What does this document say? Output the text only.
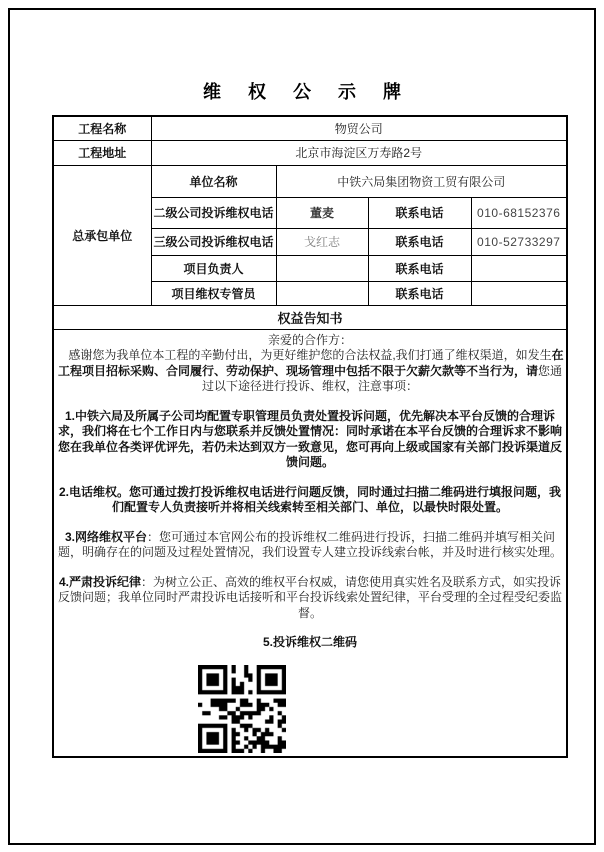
维 权 公 示 牌
工程名称	物贸公司			
工程地址	北京市海淀区万寿路2号			
总承包单位	单位名称	中铁六局集团物资工贸有限公司		
	二级公司投诉维权电话	董麦	联系电话	010-68152376
	三级公司投诉维权电话	戈红志	联系电话	010-52733297
	项目负责人		联系电话	
	项目维权专管员		联系电话	
权益告知书				

亲爱的合作方：

　感谢您为我单位本工程的辛勤付出，为更好维护您的合法权益,我们打通了维权渠道，如发生在工程项目招标采购、合同履行、劳动保护、现场管理中包括不限于欠薪欠款等不当行为，请您通过以下途径进行投诉、维权，注意事项：

1.中铁六局及所属子公司均配置专职管理员负责处置投诉问题，优先解决本平台反馈的合理诉求，我们将在七个工作日内与您联系并反馈处置情况：同时承诺在本平台反馈的合理诉求不影响您在我单位各类评优评先，若仍未达到双方一致意见，您可再向上级或国家有关部门投诉渠道反馈问题。

2.电话维权。您可通过拨打投诉维权电话进行问题反馈，同时通过扫描二维码进行填报问题，我们配置专人负责接听并将相关线索转至相关部门、单位，以最快时限处置。

3.网络维权平台：您可通过本官网公布的投诉维权二维码进行投诉，扫描二维码并填写相关问题，明确存在的问题及过程处置情况，我们设置专人建立投诉线索台帐，并及时进行核实处理。

4.严肃投诉纪律：为树立公正、高效的维权平台权威，请您使用真实姓名及联系方式，如实投诉反馈问题；我单位同时严肃投诉电话接听和平台投诉线索处置纪律，平台受理的全过程受纪委监督。

5.投诉维权二维码
